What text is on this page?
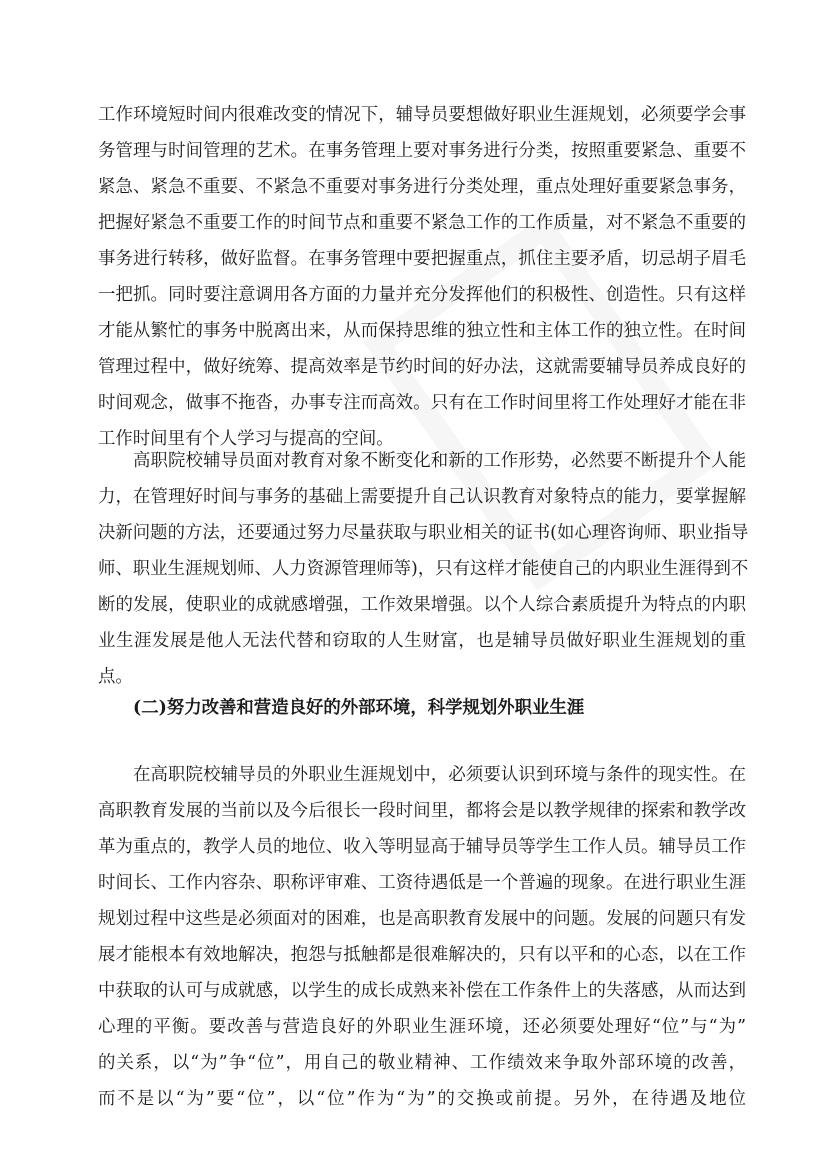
工作环境短时间内很难改变的情况下，辅导员要想做好职业生涯规划，必须要学会事
务管理与时间管理的艺术。在事务管理上要对事务进行分类，按照重要紧急、重要不
紧急、紧急不重要、不紧急不重要对事务进行分类处理，重点处理好重要紧急事务，
把握好紧急不重要工作的时间节点和重要不紧急工作的工作质量，对不紧急不重要的
事务进行转移，做好监督。在事务管理中要把握重点，抓住主要矛盾，切忌胡子眉毛
一把抓。同时要注意调用各方面的力量并充分发挥他们的积极性、创造性。只有这样
才能从繁忙的事务中脱离出来，从而保持思维的独立性和主体工作的独立性。在时间
管理过程中，做好统筹、提高效率是节约时间的好办法，这就需要辅导员养成良好的
时间观念，做事不拖沓，办事专注而高效。只有在工作时间里将工作处理好才能在非
工作时间里有个人学习与提高的空间。
高职院校辅导员面对教育对象不断变化和新的工作形势，必然要不断提升个人能
力，在管理好时间与事务的基础上需要提升自己认识教育对象特点的能力，要掌握解
决新问题的方法，还要通过努力尽量获取与职业相关的证书(如心理咨询师、职业指导
师、职业生涯规划师、人力资源管理师等)，只有这样才能使自己的内职业生涯得到不
断的发展，使职业的成就感增强，工作效果增强。以个人综合素质提升为特点的内职
业生涯发展是他人无法代替和窃取的人生财富，也是辅导员做好职业生涯规划的重
点。
(二)努力改善和营造良好的外部环境，科学规划外职业生涯
在高职院校辅导员的外职业生涯规划中，必须要认识到环境与条件的现实性。在
高职教育发展的当前以及今后很长一段时间里，都将会是以教学规律的探索和教学改
革为重点的，教学人员的地位、收入等明显高于辅导员等学生工作人员。辅导员工作
时间长、工作内容杂、职称评审难、工资待遇低是一个普遍的现象。在进行职业生涯
规划过程中这些是必须面对的困难，也是高职教育发展中的问题。发展的问题只有发
展才能根本有效地解决，抱怨与抵触都是很难解决的，只有以平和的心态，以在工作
中获取的认可与成就感，以学生的成长成熟来补偿在工作条件上的失落感，从而达到
心理的平衡。要改善与营造良好的外职业生涯环境，还必须要处理好“位”与“为”
的关系，以“为”争“位”，用自己的敬业精神、工作绩效来争取外部环境的改善，
而不是以“为”要“位”，以“位”作为“为”的交换或前提。另外，在待遇及地位
